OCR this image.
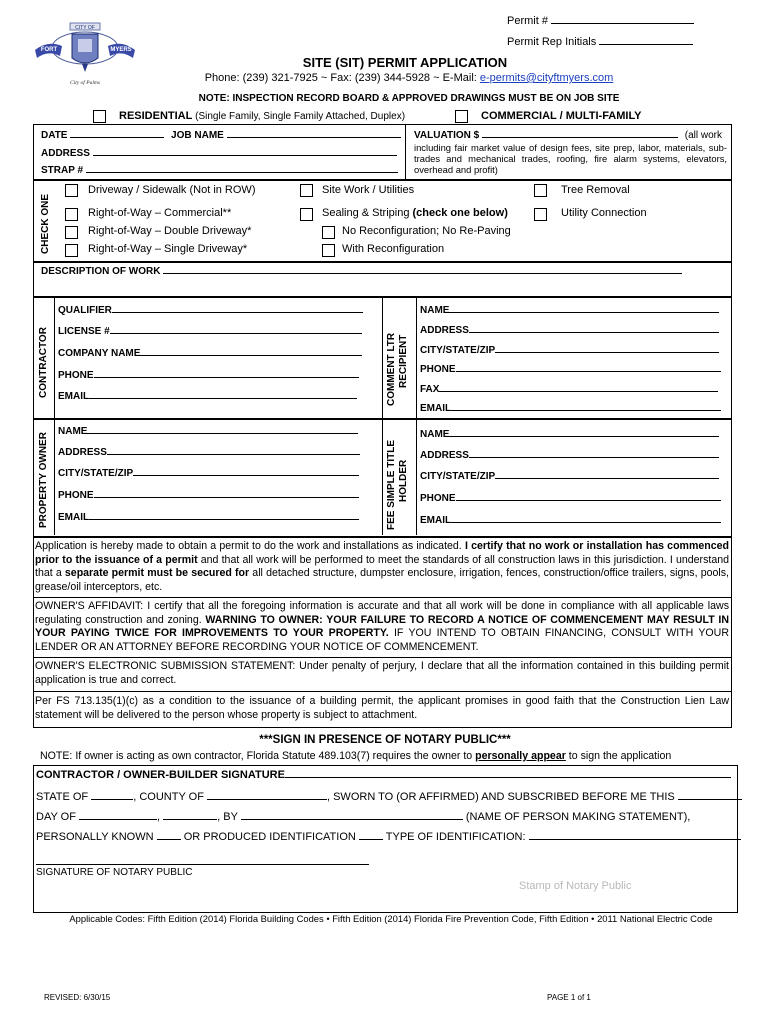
Permit #
Permit Rep Initials
CITY OF
FORT	MYERS
City of Palms
SITE (SIT) PERMIT APPLICATION
Phone: (239) 321-7925 ~ Fax: (239) 344-5928 ~ E-Mail: e-permits@cityftmyers.com
NOTE: INSPECTION RECORD BOARD & APPROVED DRAWINGS MUST BE ON JOB SITE
RESIDENTIAL (Single Family, Single Family Attached, Duplex)	COMMERCIAL / MULTI-FAMILY
DATE	JOB NAME
ADDRESS
STRAP #
VALUATION $	(all work
including fair market value of design fees, site prep, labor, materials, sub-trades and mechanical trades, roofing, fire alarm systems, elevators, overhead and profit)
CHECK ONE
Driveway / Sidewalk (Not in ROW)	Site Work / Utilities	Tree Removal
Right-of-Way – Commercial**	Sealing & Striping (check one below)	Utility Connection
Right-of-Way – Double Driveway*	No Reconfiguration; No Re-Paving
Right-of-Way – Single Driveway*	With Reconfiguration
DESCRIPTION OF WORK
CONTRACTOR	COMMENT LTR RECIPIENT
QUALIFIER
LICENSE #
COMPANY NAME
PHONE
EMAIL
NAME
ADDRESS
CITY/STATE/ZIP
PHONE
FAX
EMAIL
PROPERTY OWNER	FEE SIMPLE TITLE HOLDER
NAME
ADDRESS
CITY/STATE/ZIP
PHONE
EMAIL
NAME
ADDRESS
CITY/STATE/ZIP
PHONE
EMAIL
Application is hereby made to obtain a permit to do the work and installations as indicated. I certify that no work or installation has commenced prior to the issuance of a permit and that all work will be performed to meet the standards of all construction laws in this jurisdiction. I understand that a separate permit must be secured for all detached structure, dumpster enclosure, irrigation, fences, construction/office trailers, signs, pools, grease/oil interceptors, etc.
OWNER'S AFFIDAVIT: I certify that all the foregoing information is accurate and that all work will be done in compliance with all applicable laws regulating construction and zoning. WARNING TO OWNER: YOUR FAILURE TO RECORD A NOTICE OF COMMENCEMENT MAY RESULT IN YOUR PAYING TWICE FOR IMPROVEMENTS TO YOUR PROPERTY. IF YOU INTEND TO OBTAIN FINANCING, CONSULT WITH YOUR LENDER OR AN ATTORNEY BEFORE RECORDING YOUR NOTICE OF COMMENCEMENT.
OWNER'S ELECTRONIC SUBMISSION STATEMENT: Under penalty of perjury, I declare that all the information contained in this building permit application is true and correct.
Per FS 713.135(1)(c) as a condition to the issuance of a building permit, the applicant promises in good faith that the Construction Lien Law statement will be delivered to the person whose property is subject to attachment.
***SIGN IN PRESENCE OF NOTARY PUBLIC***
NOTE: If owner is acting as own contractor, Florida Statute 489.103(7) requires the owner to personally appear to sign the application
CONTRACTOR / OWNER-BUILDER SIGNATURE
STATE OF	, COUNTY OF	, SWORN TO (OR AFFIRMED) AND SUBSCRIBED BEFORE ME THIS
DAY OF	,	, BY	(NAME OF PERSON MAKING STATEMENT),
PERSONALLY KNOWN	OR PRODUCED IDENTIFICATION	TYPE OF IDENTIFICATION:
SIGNATURE OF NOTARY PUBLIC
Stamp of Notary Public
Applicable Codes: Fifth Edition (2014) Florida Building Codes • Fifth Edition (2014) Florida Fire Prevention Code, Fifth Edition • 2011 National Electric Code
REVISED: 6/30/15	PAGE 1 of 1
